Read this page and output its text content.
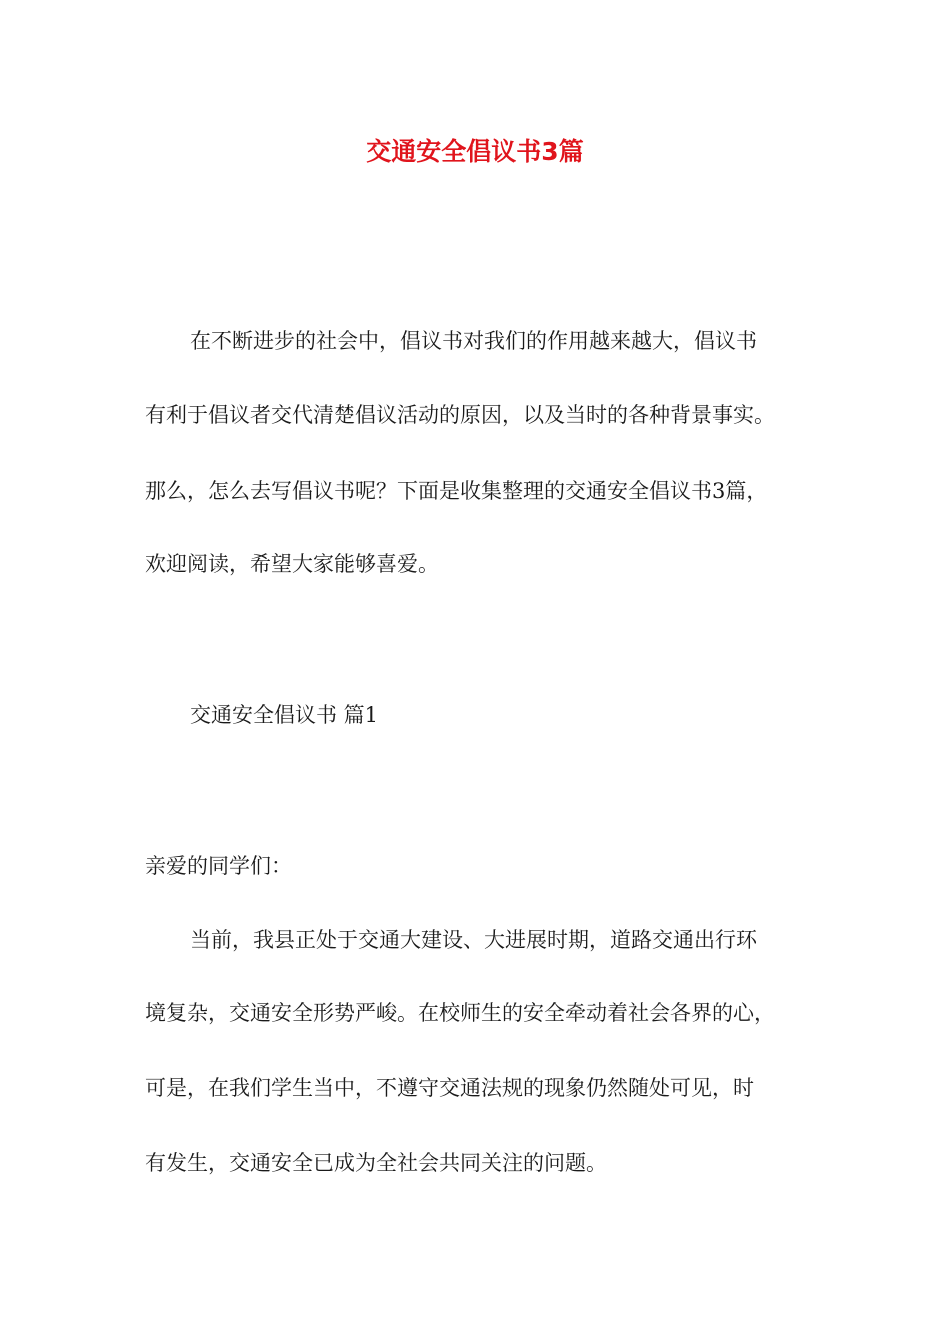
交通安全倡议书3篇

在不断进步的社会中，倡议书对我们的作用越来越大，倡议书

有利于倡议者交代清楚倡议活动的原因，以及当时的各种背景事实。

那么，怎么去写倡议书呢？下面是收集整理的交通安全倡议书3篇，

欢迎阅读，希望大家能够喜爱。

交通安全倡议书 篇1

亲爱的同学们：

当前，我县正处于交通大建设、大进展时期，道路交通出行环

境复杂，交通安全形势严峻。在校师生的安全牵动着社会各界的心，

可是，在我们学生当中，不遵守交通法规的现象仍然随处可见，时

有发生，交通安全已成为全社会共同关注的问题。
